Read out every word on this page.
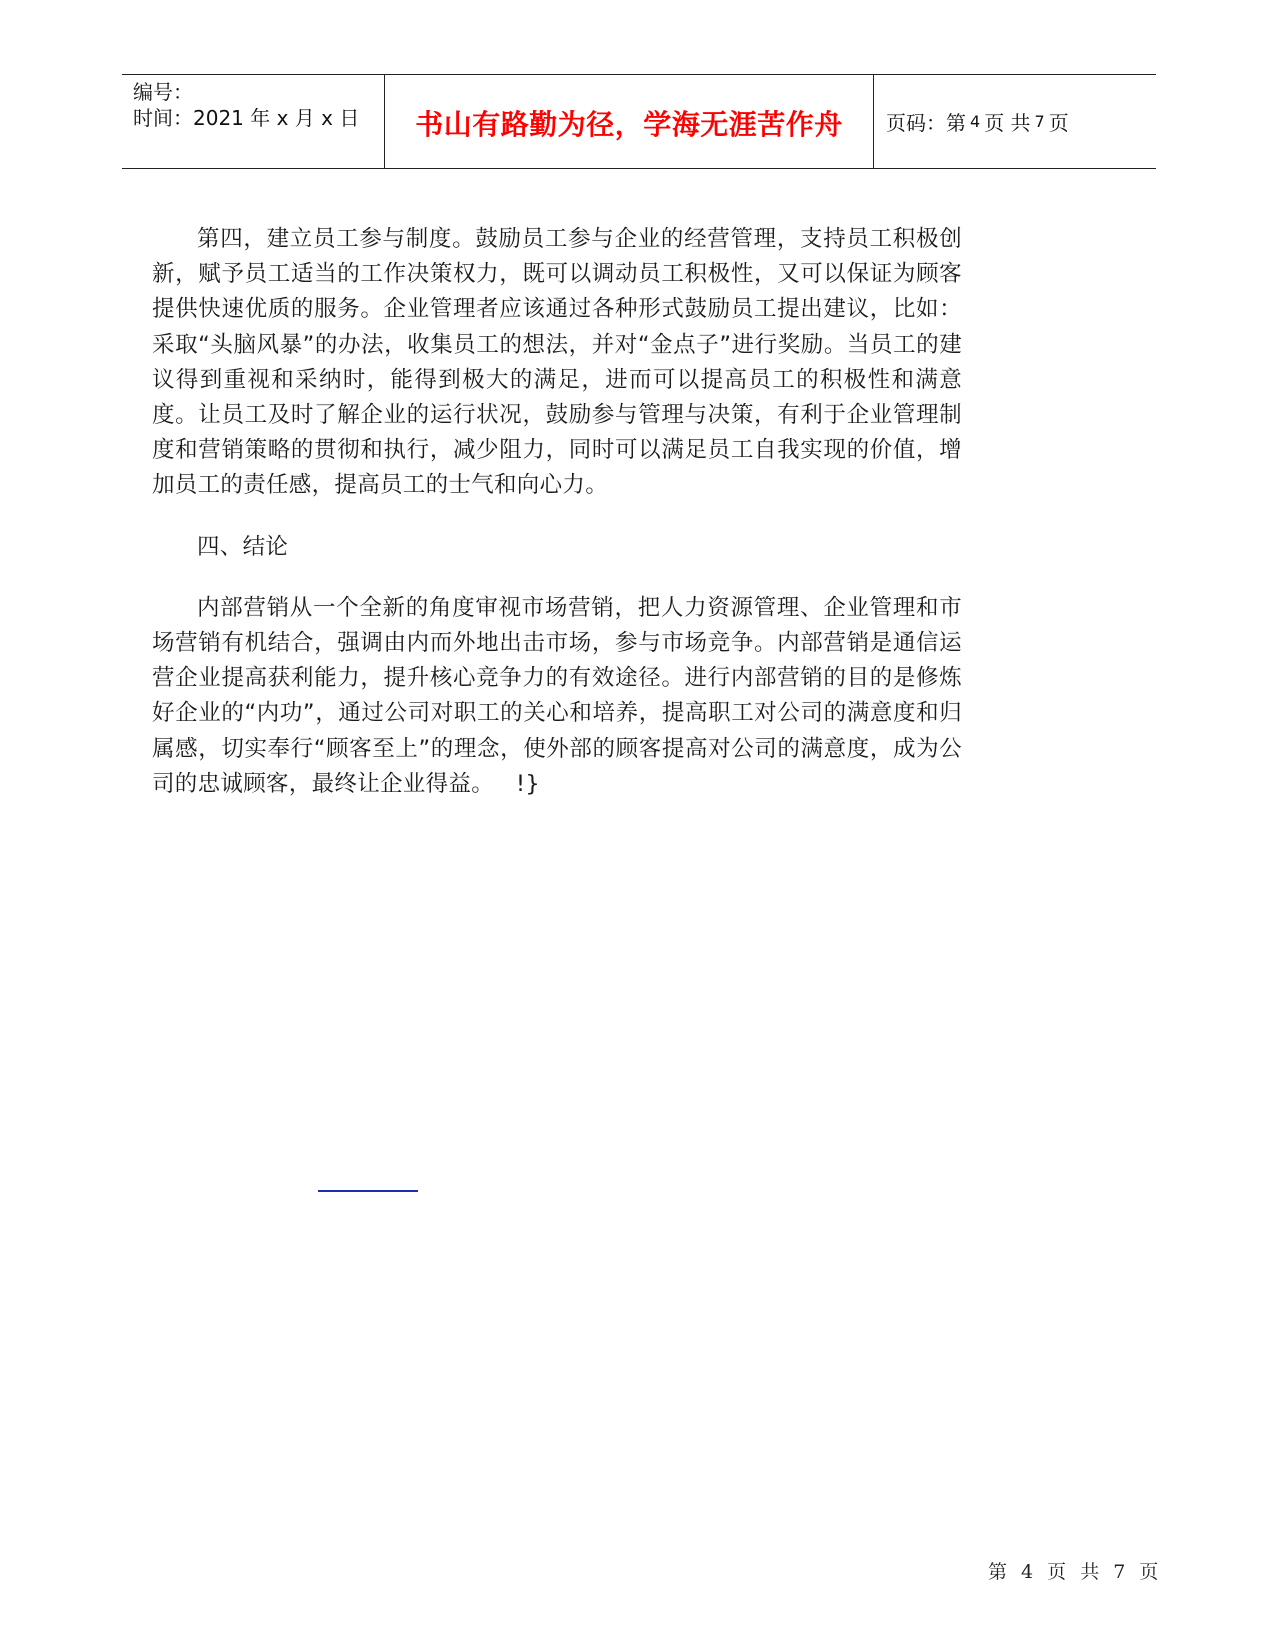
编号：
时间：2021 年 x 月 x 日	书山有路勤为径，学海无涯苦作舟	页码：第 4 页 共 7 页

第四，建立员工参与制度。鼓励员工参与企业的经营管理，支持员工积极创新，赋予员工适当的工作决策权力，既可以调动员工积极性，又可以保证为顾客提供快速优质的服务。企业管理者应该通过各种形式鼓励员工提出建议，比如：采取“头脑风暴”的办法，收集员工的想法，并对“金点子”进行奖励。当员工的建议得到重视和采纳时，能得到极大的满足，进而可以提高员工的积极性和满意度。让员工及时了解企业的运行状况，鼓励参与管理与决策，有利于企业管理制度和营销策略的贯彻和执行，减少阻力，同时可以满足员工自我实现的价值，增加员工的责任感，提高员工的士气和向心力。

四、结论

内部营销从一个全新的角度审视市场营销，把人力资源管理、企业管理和市场营销有机结合，强调由内而外地出击市场，参与市场竞争。内部营销是通信运营企业提高获利能力，提升核心竞争力的有效途径。进行内部营销的目的是修炼好企业的“内功”，通过公司对职工的关心和培养，提高职工对公司的满意度和归属感，切实奉行“顾客至上”的理念，使外部的顾客提高对公司的满意度，成为公司的忠诚顾客，最终让企业得益。 !}

第 4 页 共 7 页
